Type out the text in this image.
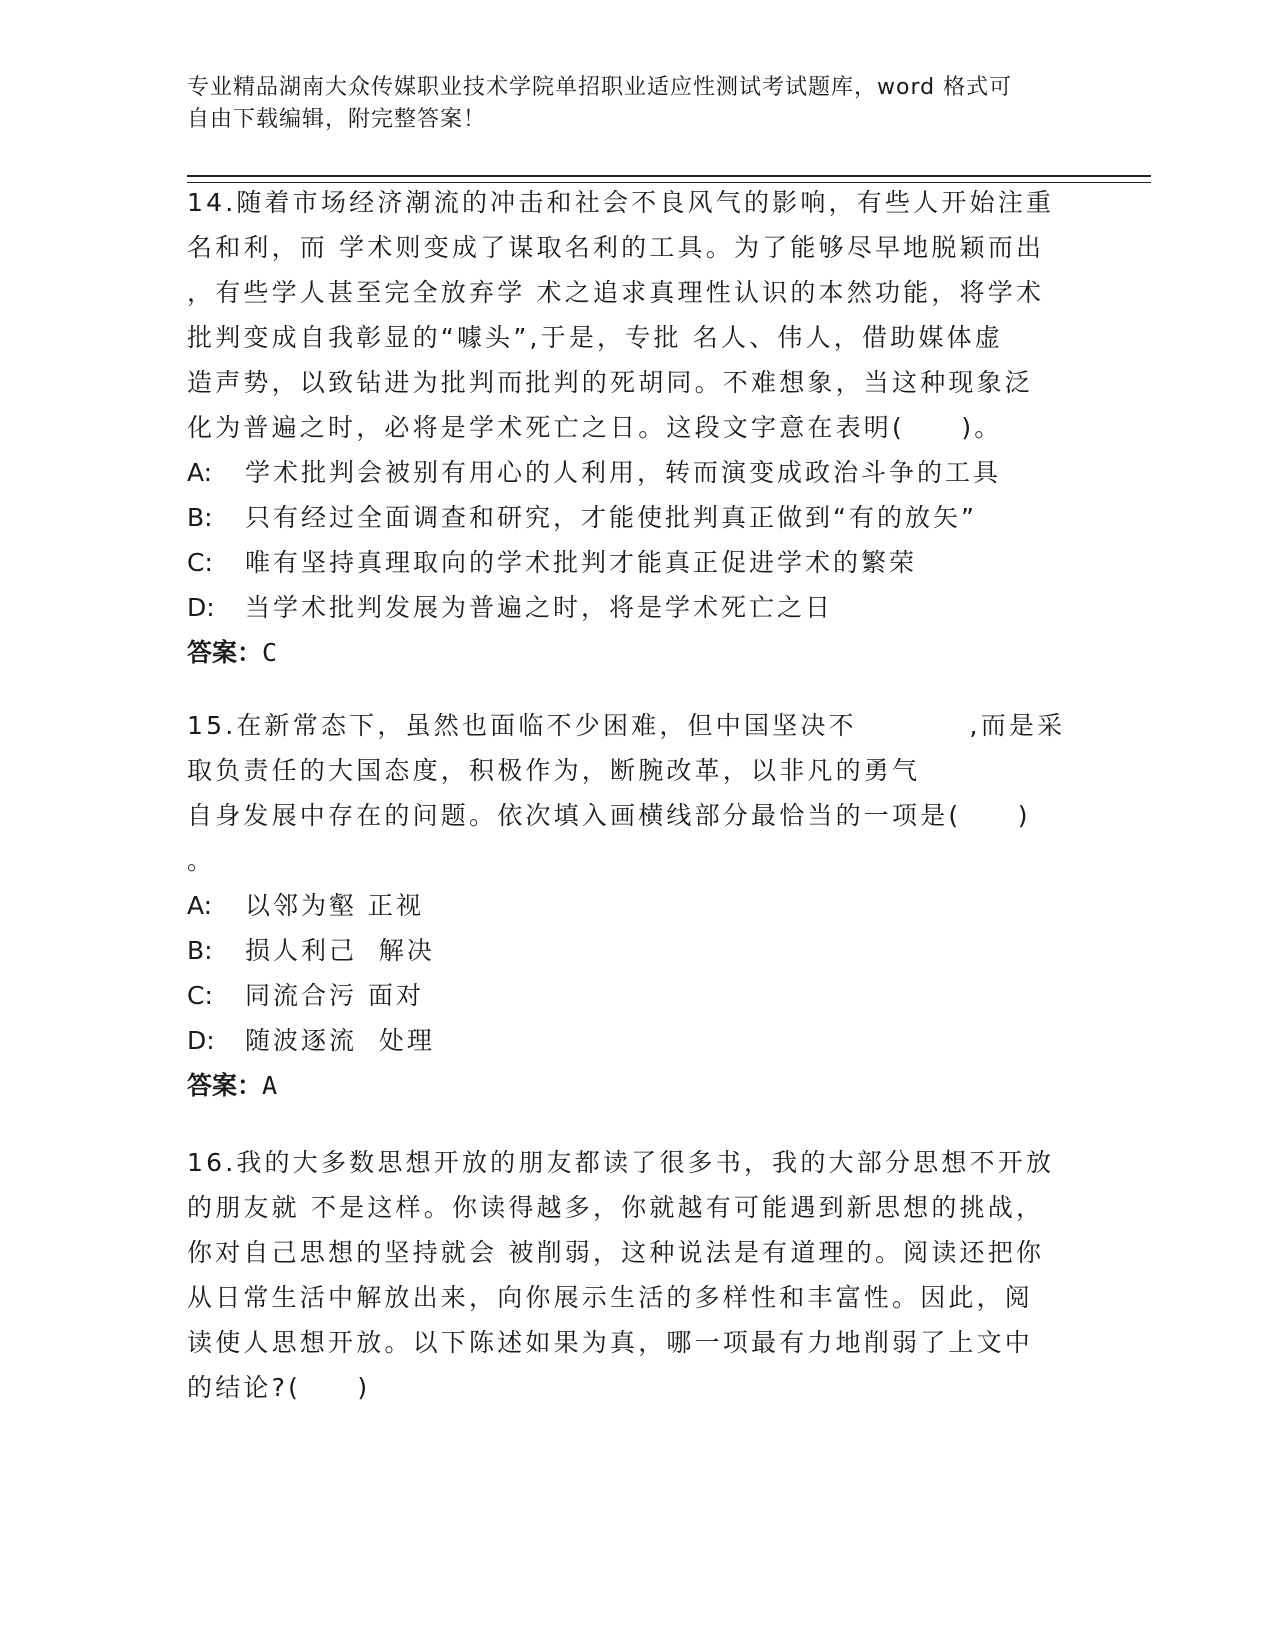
专业精品湖南大众传媒职业技术学院单招职业适应性测试考试题库，word 格式可
自由下载编辑，附完整答案！
14.随着市场经济潮流的冲击和社会不良风气的影响，有些人开始注重
名和利，而 学术则变成了谋取名利的工具。为了能够尽早地脱颖而出
，有些学人甚至完全放弃学 术之追求真理性认识的本然功能，将学术
批判变成自我彰显的“噱头”,于是，专批 名人、伟人，借助媒体虚
造声势，以致钻进为批判而批判的死胡同。不难想象，当这种现象泛
化为普遍之时，必将是学术死亡之日。这段文字意在表明(　　)。
A: 学术批判会被别有用心的人利用，转而演变成政治斗争的工具
B: 只有经过全面调查和研究，才能使批判真正做到“有的放矢”
C: 唯有坚持真理取向的学术批判才能真正促进学术的繁荣
D: 当学术批判发展为普遍之时，将是学术死亡之日
答案：C
15.在新常态下，虽然也面临不少困难，但中国坚决不　　　　,而是采
取负责任的大国态度，积极作为，断腕改革，以非凡的勇气
自身发展中存在的问题。依次填入画横线部分最恰当的一项是(　　)
。
A: 以邻为壑 正视
B: 损人利己  解决
C: 同流合污 面对
D: 随波逐流  处理
答案：A
16.我的大多数思想开放的朋友都读了很多书，我的大部分思想不开放
的朋友就 不是这样。你读得越多，你就越有可能遇到新思想的挑战，
你对自己思想的坚持就会 被削弱，这种说法是有道理的。阅读还把你
从日常生活中解放出来，向你展示生活的多样性和丰富性。因此，阅
读使人思想开放。以下陈述如果为真，哪一项最有力地削弱了上文中
的结论?(　　)
